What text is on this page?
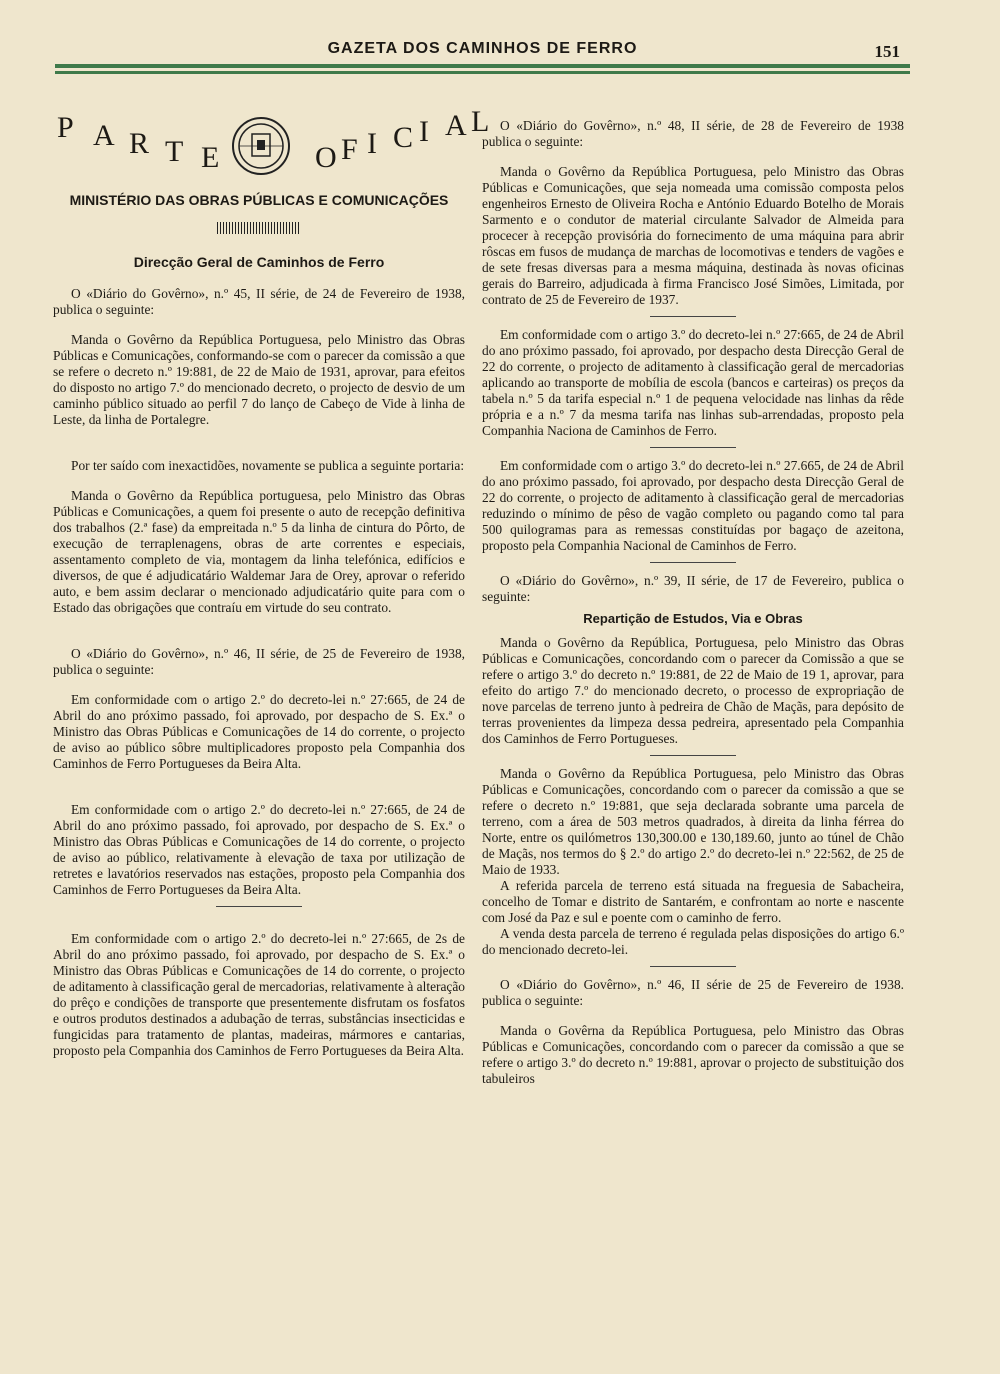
GAZETA DOS CAMINHOS DE FERRO	151
P A R T E	O F I C I A L
MINISTÉRIO DAS OBRAS PÚBLICAS E COMUNICAÇÕES
Direcção Geral de Caminhos de Ferro

O «Diário do Govêrno», n.º 45, II série, de 24 de Fevereiro de 1938, publica o seguinte:

Manda o Govêrno da República Portuguesa, pelo Ministro das Obras Públicas e Comunicações, conformando-se com o parecer da comissão a que se refere o decreto n.º 19:881, de 22 de Maio de 1931, aprovar, para efeitos do disposto no artigo 7.º do mencionado decreto, o projecto de desvio de um caminho público situado ao perfil 7 do lanço de Cabeço de Vide à linha de Leste, da linha de Portalegre.

Por ter saído com inexactidões, novamente se publica a seguinte portaria:

Manda o Govêrno da República portuguesa, pelo Ministro das Obras Públicas e Comunicações, a quem foi presente o auto de recepção definitiva dos trabalhos (2.ª fase) da empreitada n.º 5 da linha de cintura do Pôrto, de execução de terraplenagens, obras de arte correntes e especiais, assentamento completo de via, montagem da linha telefónica, edifícios e diversos, de que é adjudicatário Waldemar Jara de Orey, aprovar o referido auto, e bem assim declarar o mencionado adjudicatário quite para com o Estado das obrigações que contraíu em virtude do seu contrato.

O «Diário do Govêrno», n.º 46, II série, de 25 de Fevereiro de 1938, publica o seguinte:

Em conformidade com o artigo 2.º do decreto-lei n.º 27:665, de 24 de Abril do ano próximo passado, foi aprovado, por despacho de S. Ex.ª o Ministro das Obras Públicas e Comunicações de 14 do corrente, o projecto de aviso ao público sôbre multiplicadores proposto pela Companhia dos Caminhos de Ferro Portugueses da Beira Alta.

Em conformidade com o artigo 2.º do decreto-lei n.º 27:665, de 24 de Abril do ano próximo passado, foi aprovado, por despacho de S. Ex.ª o Ministro das Obras Públicas e Comunicações de 14 do corrente, o projecto de aviso ao público, relativamente à elevação de taxa por utilização de retretes e lavatórios reservados nas estações, proposto pela Companhia dos Caminhos de Ferro Portugueses da Beira Alta.

Em conformidade com o artigo 2.º do decreto-lei n.º 27:665, de 2s de Abril do ano próximo passado, foi aprovado, por despacho de S. Ex.ª o Ministro das Obras Públicas e Comunicações de 14 do corrente, o projecto de aditamento à classificação geral de mercadorias, relativamente à alteração do prêço e condições de transporte que presentemente disfrutam os fosfatos e outros produtos destinados a adubação de terras, substâncias insecticidas e fungicidas para tratamento de plantas, madeiras, mármores e cantarias, proposto pela Companhia dos Caminhos de Ferro Portugueses da Beira Alta.

O «Diário do Govêrno», n.º 48, II série, de 28 de Fevereiro de 1938 publica o seguinte:

Manda o Govêrno da República Portuguesa, pelo Ministro das Obras Públicas e Comunicações, que seja nomeada uma comissão composta pelos engenheiros Ernesto de Oliveira Rocha e António Eduardo Botelho de Morais Sarmento e o condutor de material circulante Salvador de Almeida para procecer à recepção provisória do fornecimento de uma máquina para abrir rôscas em fusos de mudança de marchas de locomotivas e tenders de vagões e de sete fresas diversas para a mesma máquina, destinada às novas oficinas gerais do Barreiro, adjudicada à firma Francisco José Simões, Limitada, por contrato de 25 de Fevereiro de 1937.

Em conformidade com o artigo 3.º do decreto-lei n.º 27:665, de 24 de Abril do ano próximo passado, foi aprovado, por despacho desta Direcção Geral de 22 do corrente, o projecto de aditamento à classificação geral de mercadorias aplicando ao transporte de mobília de escola (bancos e carteiras) os preços da tabela n.º 5 da tarifa especial n.º 1 de pequena velocidade nas linhas da rêde própria e a n.º 7 da mesma tarifa nas linhas sub-arrendadas, proposto pela Companhia Naciona de Caminhos de Ferro.

Em conformidade com o artigo 3.º do decreto-lei n.º 27.665, de 24 de Abril do ano próximo passado, foi aprovado, por despacho desta Direcção Geral de 22 do corrente, o projecto de aditamento à classificação geral de mercadorias reduzindo o mínimo de pêso de vagão completo ou pagando como tal para 500 quilogramas para as remessas constituídas por bagaço de azeitona, proposto pela Companhia Nacional de Caminhos de Ferro.

O «Diário do Govêrno», n.º 39, II série, de 17 de Fevereiro, publica o seguinte:

Repartição de Estudos, Via e Obras

Manda o Govêrno da República, Portuguesa, pelo Ministro das Obras Públicas e Comunicações, concordando com o parecer da Comissão a que se refere o artigo 3.º do decreto n.º 19:881, de 22 de Maio de 19 1, aprovar, para efeito do artigo 7.º do mencionado decreto, o processo de expropriação de nove parcelas de terreno junto à pedreira de Chão de Maçãs, para depósito de terras provenientes da limpeza dessa pedreira, apresentado pela Companhia dos Caminhos de Ferro Portugueses.

Manda o Govêrno da República Portuguesa, pelo Ministro das Obras Públicas e Comunicações, concordando com o parecer da comissão a que se refere o decreto n.º 19:881, que seja declarada sobrante uma parcela de terreno, com a área de 503 metros quadrados, à direita da linha férrea do Norte, entre os quilómetros 130,300.00 e 130,189.60, junto ao túnel de Chão de Maçãs, nos termos do § 2.º do artigo 2.º do decreto-lei n.º 22:562, de 25 de Maio de 1933.

A referida parcela de terreno está situada na freguesia de Sabacheira, concelho de Tomar e distrito de Santarém, e confrontam ao norte e nascente com José da Paz e sul e poente com o caminho de ferro.

A venda desta parcela de terreno é regulada pelas disposições do artigo 6.º do mencionado decreto-lei.

O «Diário do Govêrno», n.º 46, II série de 25 de Fevereiro de 1938. publica o seguinte:

Manda o Govêrna da República Portuguesa, pelo Ministro das Obras Públicas e Comunicações, concordando com o parecer da comissão a que se refere o artigo 3.º do decreto n.º 19:881, aprovar o projecto de substituição dos tabuleiros
